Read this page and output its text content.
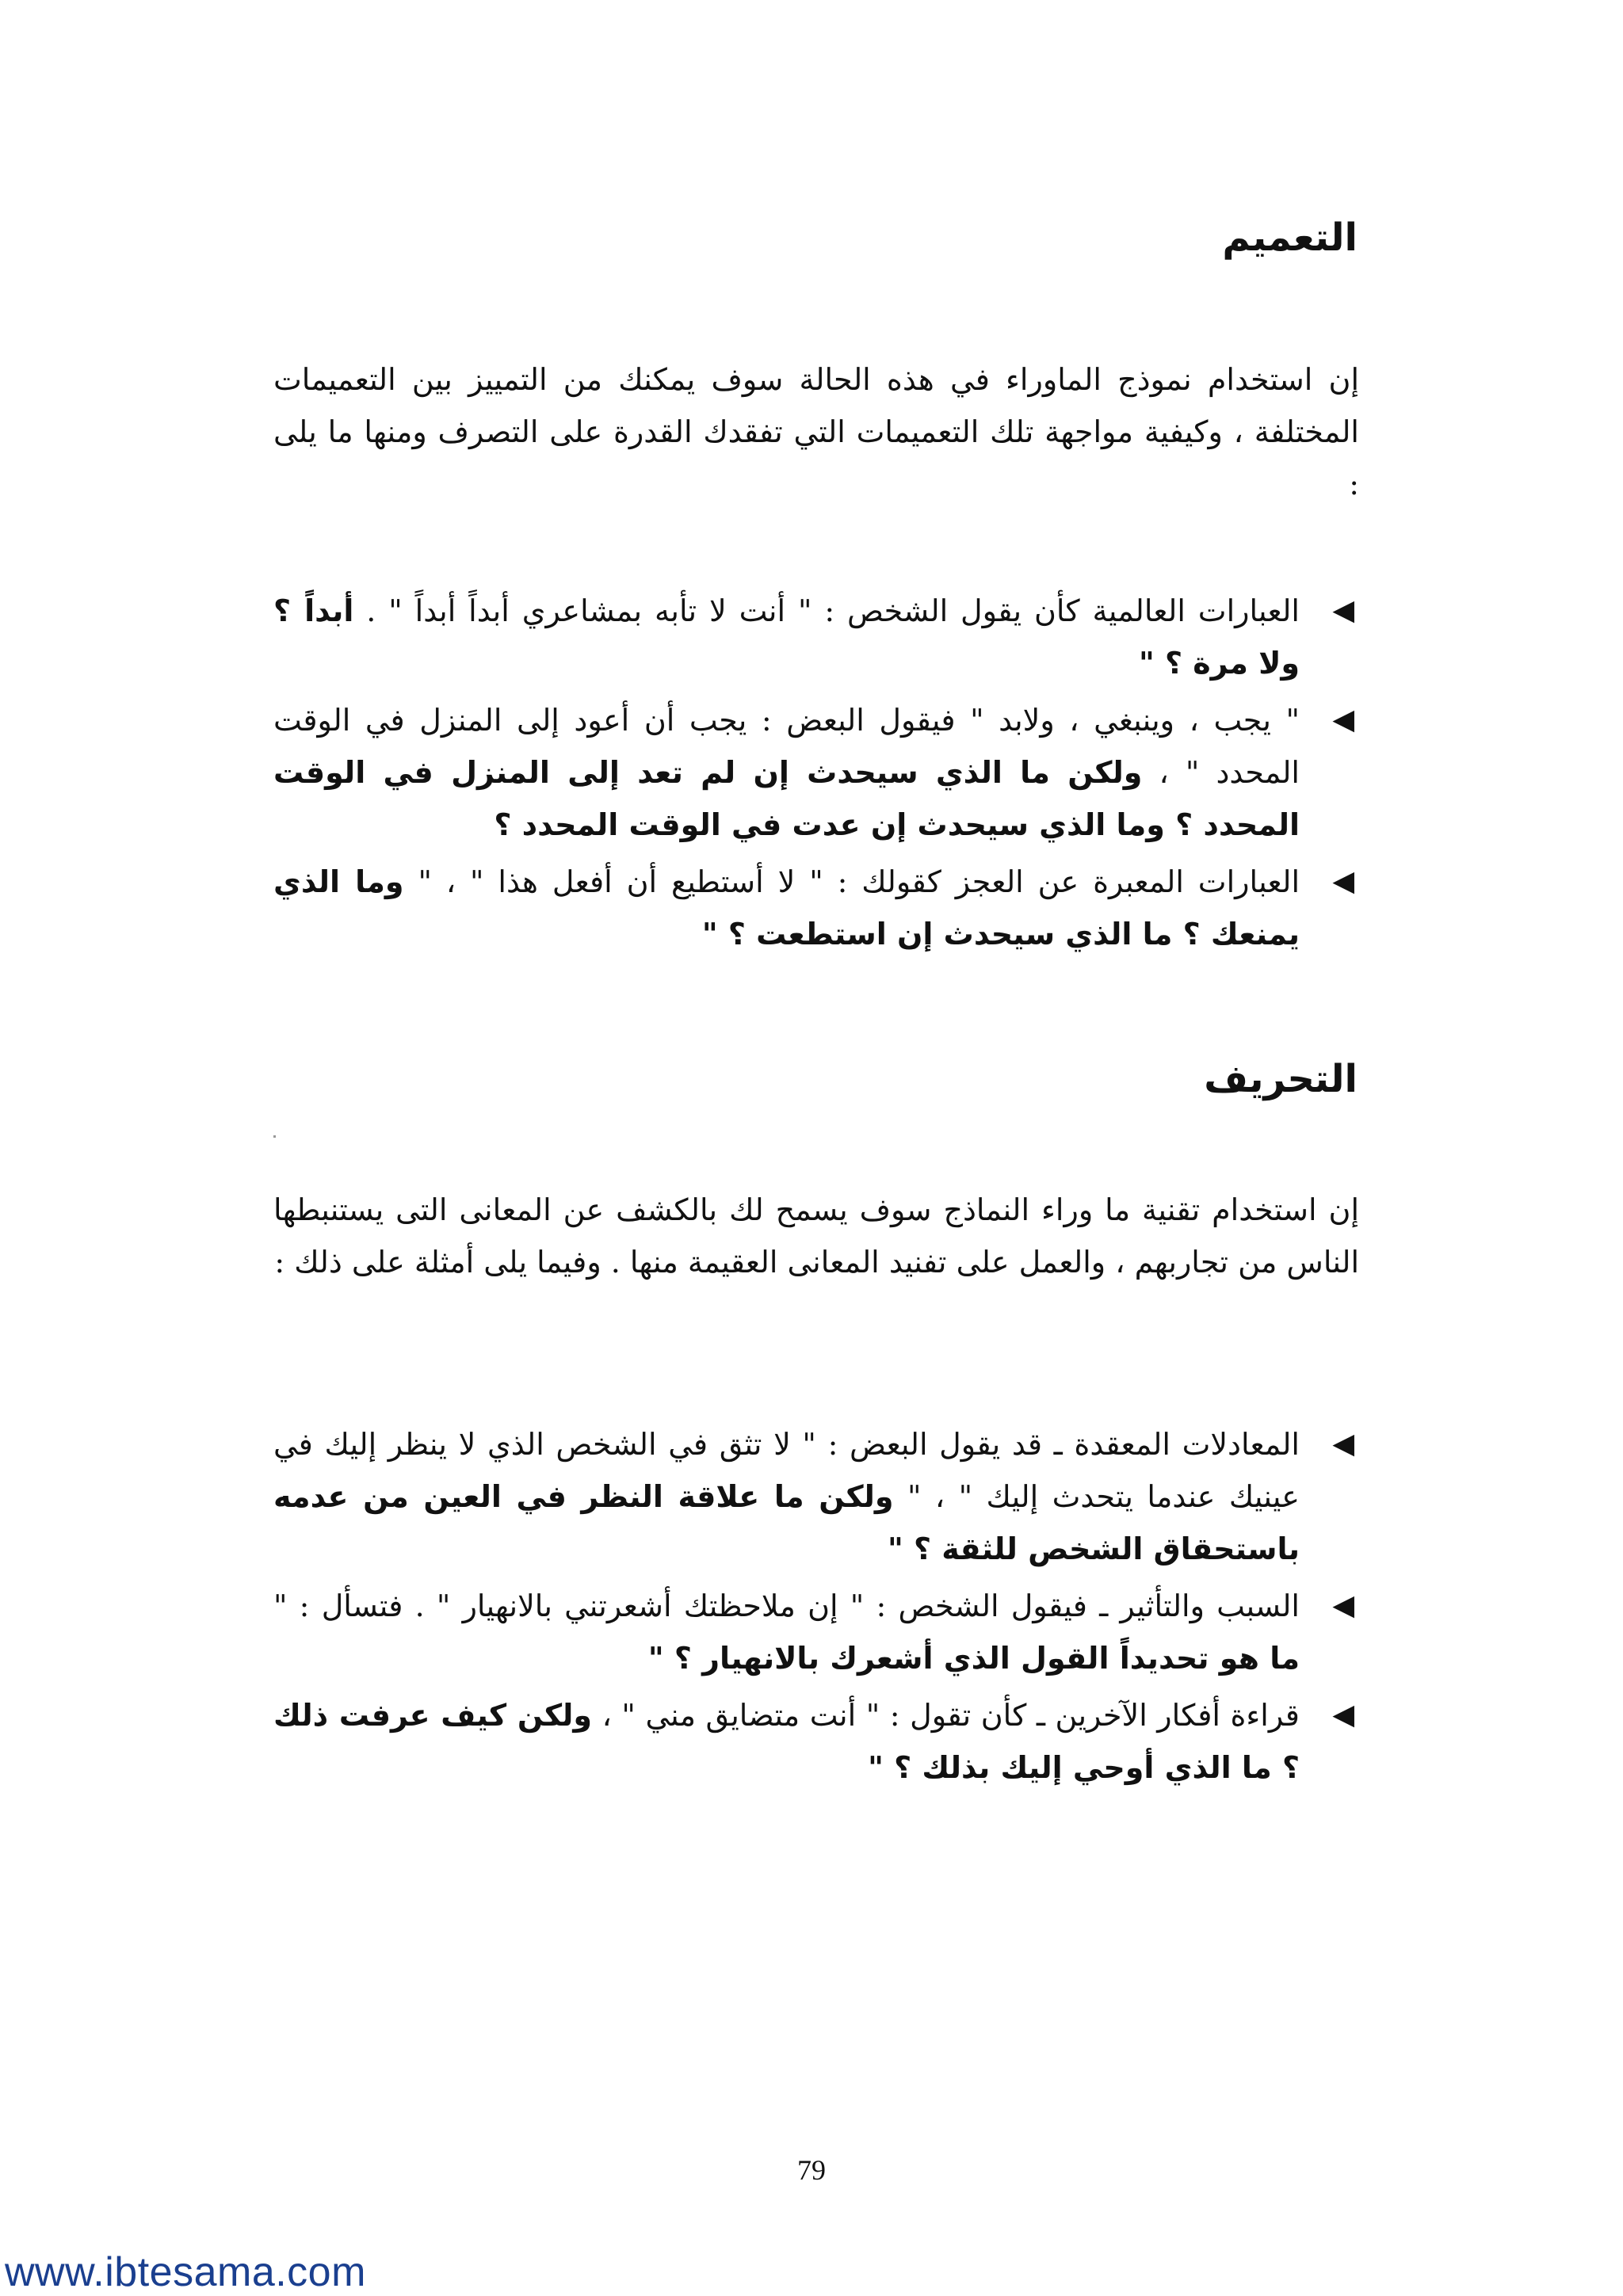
التعميم

إن استخدام نموذج الماوراء في هذه الحالة سوف يمكنك من التمييز بين التعميمات المختلفة ، وكيفية مواجهة تلك التعميمات التي تفقدك القدرة على التصرف ومنها ما يلى :

◀
العبارات العالمية كأن يقول الشخص : " أنت لا تأبه بمشاعري أبداً أبداً " . أبداً ؟ ولا مرة ؟ "
◀
" يجب ، وينبغي ، ولابد " فيقول البعض : يجب أن أعود إلى المنزل في الوقت المحدد " ، ولكن ما الذي سيحدث إن لم تعد إلى المنزل في الوقت المحدد ؟ وما الذي سيحدث إن عدت في الوقت المحدد ؟
◀
العبارات المعبرة عن العجز كقولك : " لا أستطيع أن أفعل هذا " ، " وما الذي يمنعك ؟ ما الذي سيحدث إن استطعت ؟ "
التحريف

إن استخدام تقنية ما وراء النماذج سوف يسمح لك بالكشف عن المعانى التى يستنبطها الناس من تجاربهم ، والعمل على تفنيد المعانى العقيمة منها . وفيما يلى أمثلة على ذلك :

◀
المعادلات المعقدة ـ قد يقول البعض : " لا تثق في الشخص الذي لا ينظر إليك في عينيك عندما يتحدث إليك " ، " ولكن ما علاقة النظر في العين من عدمه باستحقاق الشخص للثقة ؟ "
◀
السبب والتأثير ـ فيقول الشخص : " إن ملاحظتك أشعرتني بالانهيار " . فتسأل : " ما هو تحديداً القول الذي أشعرك بالانهيار ؟ "
◀
قراءة أفكار الآخرين ـ كأن تقول : " أنت متضايق مني " ، ولكن كيف عرفت ذلك ؟ ما الذي أوحي إليك بذلك ؟ "

79

www.ibtesama.com
